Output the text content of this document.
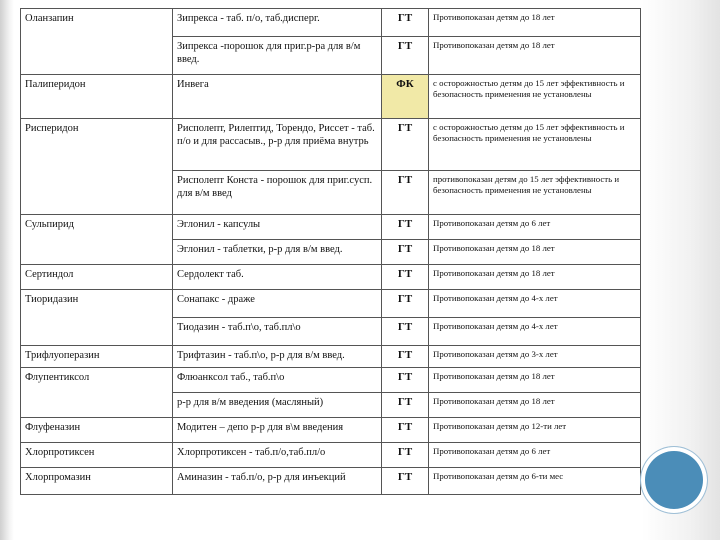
Оланзапин	Зипрекса - таб. п/о, таб.дисперг.	ГТ	Противопоказан детям до 18 лет
	Зипрекса -порошок для приг.р-ра для в/м введ.	ГТ	Противопоказан детям до 18 лет
Палиперидон	Инвега	ФК	с осторожностью детям до 15 лет эффективность и безопасность применения не установлены
Рисперидон	Рисполепт, Рилептид, Торендо, Риссет - таб. п/о и для рассасыв., р-р для приёма внутрь	ГТ	с осторожностью детям до 15 лет эффективность и безопасность применения не установлены
	Рисполепт Конста - порошок для приг.сусп. для в/м введ	ГТ	противопоказан детям до 15 лет эффективность и безопасность применения не установлены
Сульпирид	Эглонил - капсулы	ГТ	Противопоказан детям до 6 лет
	Эглонил - таблетки, р-р для в/м введ.	ГТ	Противопоказан детям до 18 лет
Сертиндол	Сердолект таб.	ГТ	Противопоказан детям до 18 лет
Тиоридазин	Сонапакс - драже	ГТ	Противопоказан детям до 4-х лет
	Тиодазин - таб.п\о, таб.пл\о	ГТ	Противопоказан детям до 4-х лет
Трифлуоперазин	Трифтазин - таб.п\о, р-р для в/м введ.	ГТ	Противопоказан детям до 3-х лет
Флупентиксол	Флюанксол таб., таб.п\о	ГТ	Противопоказан детям до 18 лет
	р-р для в/м введения (масляный)	ГТ	Противопоказан детям до 18 лет
Флуфеназин	Модитен – депо р-р для в\м введения	ГТ	Противопоказан детям до 12-ти лет
Хлорпротиксен	Хлорпротиксен - таб.п/о,таб.пл/о	ГТ	Противопоказан детям до 6 лет
Хлорпромазин	Аминазин - таб.п/о, р-р для инъекций	ГТ	Противопоказан детям до 6-ти мес
